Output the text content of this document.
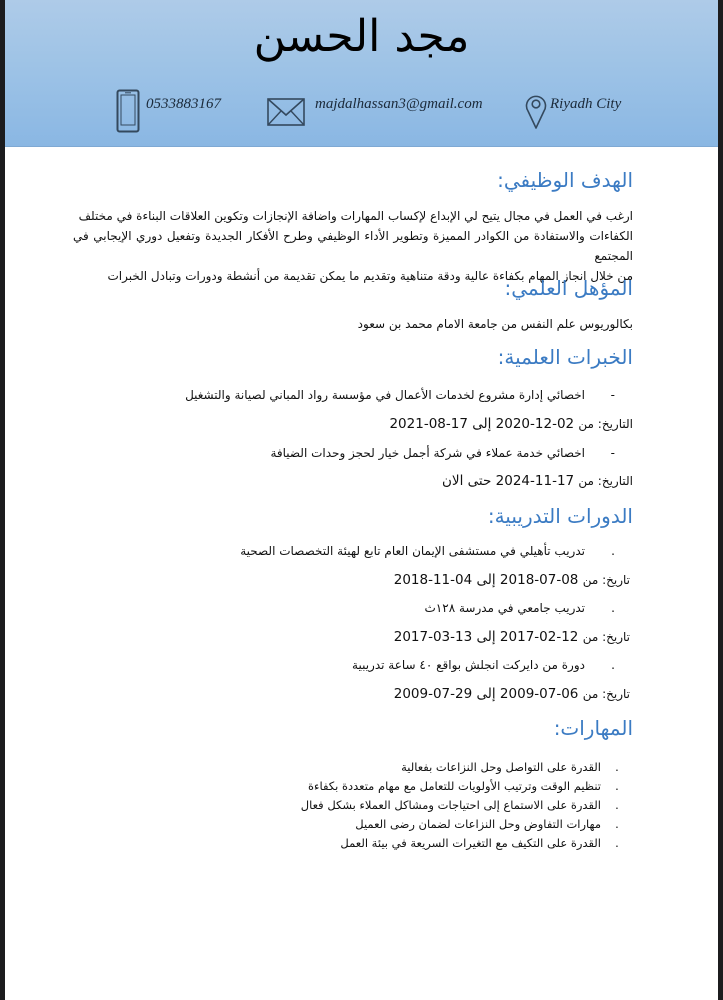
مجد الحسن
0533883167	majdalhassan3@gmail.com	Riyadh City
الهدف الوظيفي:
ارغب في العمل في مجال يتيح لي الإبداع لإكساب المهارات واضافة الإنجازات وتكوين العلاقات البناءة في مختلف
الكفاءات والاستفادة من الكوادر المميزة وتطوير الأداء الوظيفي وطرح الأفكار الجديدة وتفعيل دوري الإيجابي في المجتمع
من خلال انجاز المهام بكفاءة عالية ودقة متناهية وتقديم ما يمكن تقديمة من أنشطة ودورات وتبادل الخبرات
المؤهل العلمي:
بكالوريوس علم النفس من جامعة الامام محمد بن سعود
الخبرات العلمية:
-اخصائي إدارة مشروع لخدمات الأعمال في مؤسسة رواد المباني لصيانة والتشغيل
التاريخ: من 02-12-2020 إلى 17-08-2021
-اخصائي خدمة عملاء في شركة أجمل خيار لحجز وحدات الضيافة
التاريخ: من 17-11-2024 حتى الان
الدورات التدريبية:
.تدريب تأهيلي في مستشفى الإيمان العام تابع لهيئة التخصصات الصحية
تاريخ: من 08-07-2018 إلى 04-11-2018
.تدريب جامعي في مدرسة ١٢٨ث
تاريخ: من 12-02-2017 إلى 13-03-2017
.دورة من دايركت انجلش بواقع ٤٠ ساعة تدريبية
تاريخ: من 06-07-2009 إلى 29-07-2009
المهارات:
.القدرة على التواصل وحل النزاعات بفعالية
.تنظيم الوقت وترتيب الأولويات للتعامل مع مهام متعددة بكفاءة
.القدرة على الاستماع إلى احتياجات ومشاكل العملاء بشكل فعال
.مهارات التفاوض وحل النزاعات لضمان رضى العميل
.القدرة على التكيف مع التغيرات السريعة في بيئة العمل
